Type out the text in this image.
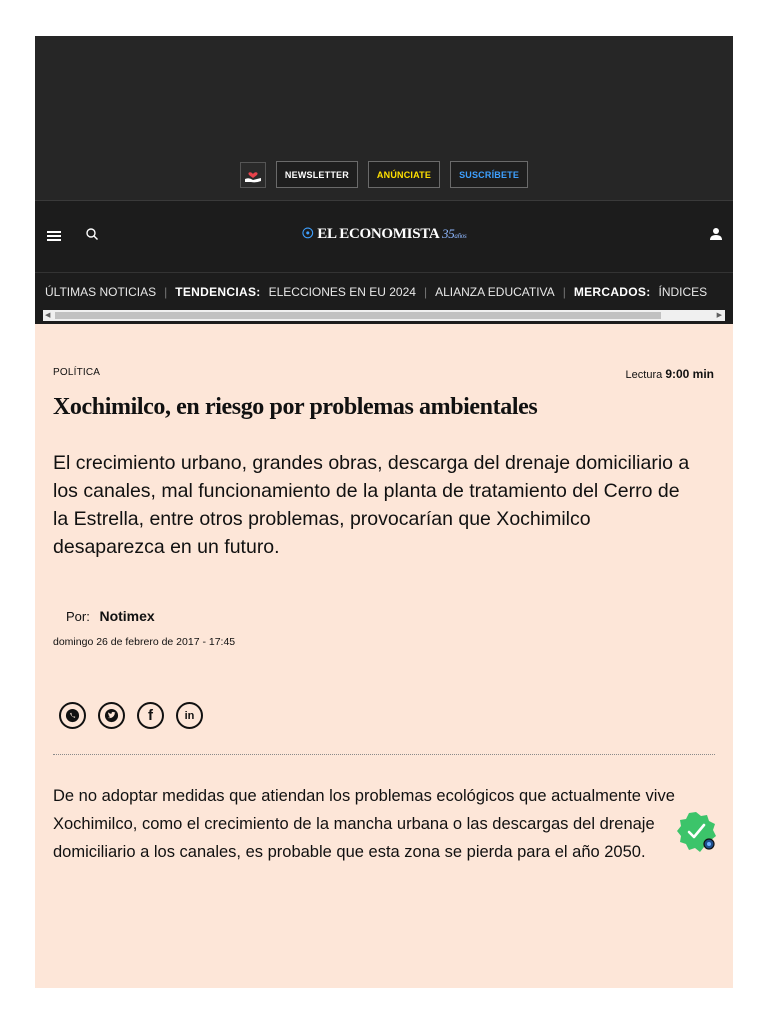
NEWSLETTER	ANÚNCIATE	SUSCRÍBETE
☉ EL ECONOMISTA 35años
ÚLTIMAS NOTICIAS | TENDENCIAS: ELECCIONES EN EU 2024 | ALIANZA EDUCATIVA | MERCADOS: ÍNDICES
◀	▶
POLÍTICA	Lectura 9:00 min
Xochimilco, en riesgo por problemas ambientales

El crecimiento urbano, grandes obras, descarga del drenaje domiciliario a los canales, mal funcionamiento de la planta de tratamiento del Cerro de la Estrella, entre otros problemas, provocarían que Xochimilco desaparezca en un futuro.

Por: Notimex
domingo 26 de febrero de 2017 - 17:45
f	in

De no adoptar medidas que atiendan los problemas ecológicos que actualmente vive Xochimilco, como el crecimiento de la mancha urbana o las descargas del drenaje domiciliario a los canales, es probable que esta zona se pierda para el año 2050.
